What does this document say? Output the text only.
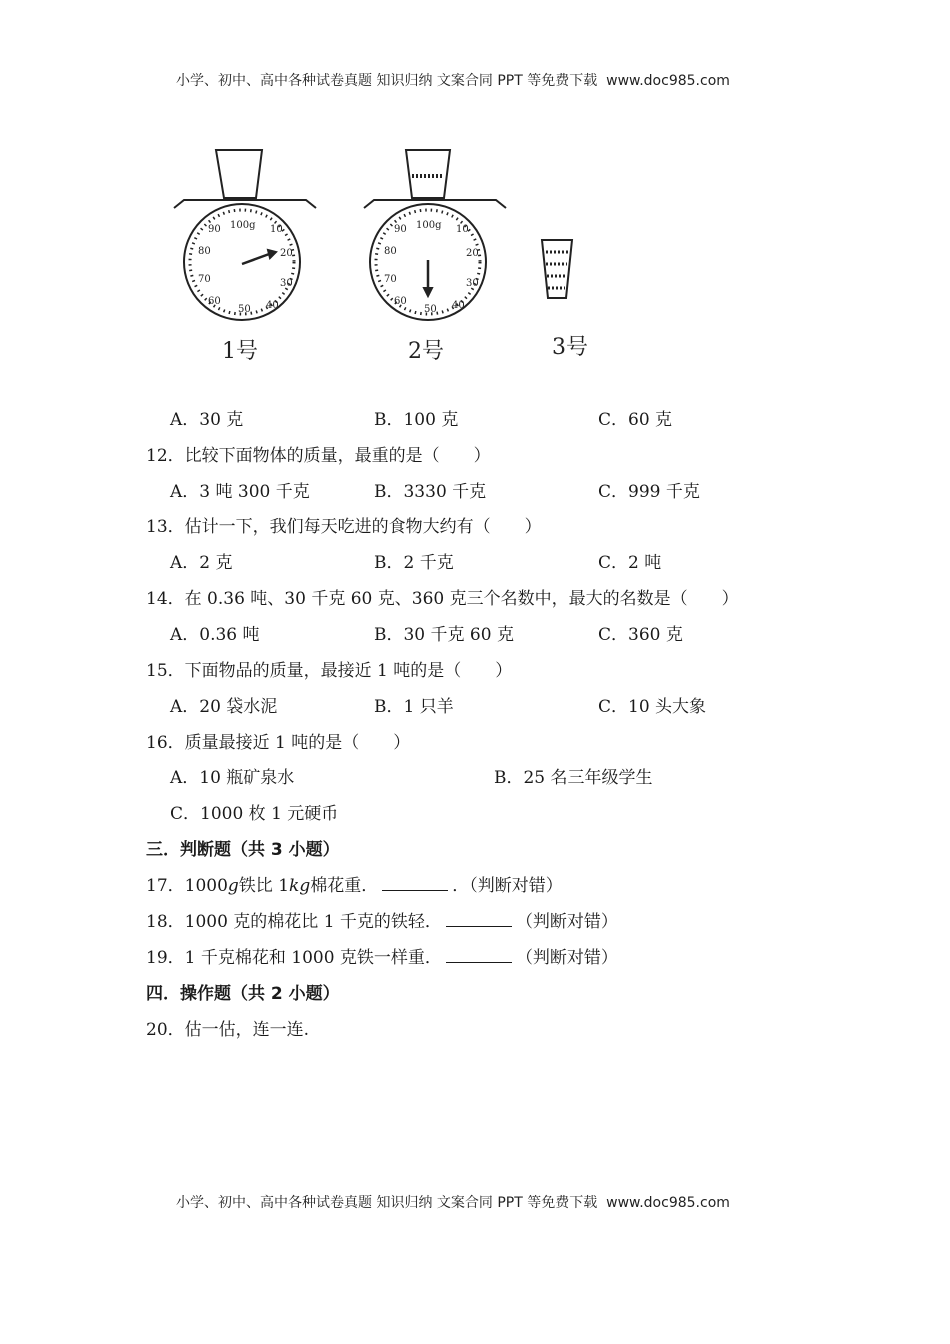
小学、初中、高中各种试卷真题 知识归纳 文案合同 PPT 等免费下载 www.doc985.com
100g 10
20
30
40
50
60
70
80
90
1号
100g 10
20
30
40
50
60
70
80
90
2号	3号
A．30 克	B．100 克	C．60 克
12．比较下面物体的质量，最重的是（　　）
A．3 吨 300 千克	B．3330 千克	C．999 千克
13．估计一下，我们每天吃进的食物大约有（　　）
A．2 克	B．2 千克	C．2 吨
14．在 0.36 吨、30 千克 60 克、360 克三个名数中，最大的名数是（　　）
A．0.36 吨	B．30 千克 60 克	C．360 克
15．下面物品的质量，最接近 1 吨的是（　　）
A．20 袋水泥	B．1 只羊	C．10 头大象
16．质量最接近 1 吨的是（　　）
A．10 瓶矿泉水	B．25 名三年级学生
C．1000 枚 1 元硬币
三．判断题（共 3 小题）
17．1000g铁比 1kg棉花重．	．（判断对错）
18．1000 克的棉花比 1 千克的铁轻．	（判断对错）
19．1 千克棉花和 1000 克铁一样重．	（判断对错）
四．操作题（共 2 小题）
20．估一估，连一连.
小学、初中、高中各种试卷真题 知识归纳 文案合同 PPT 等免费下载 www.doc985.com
